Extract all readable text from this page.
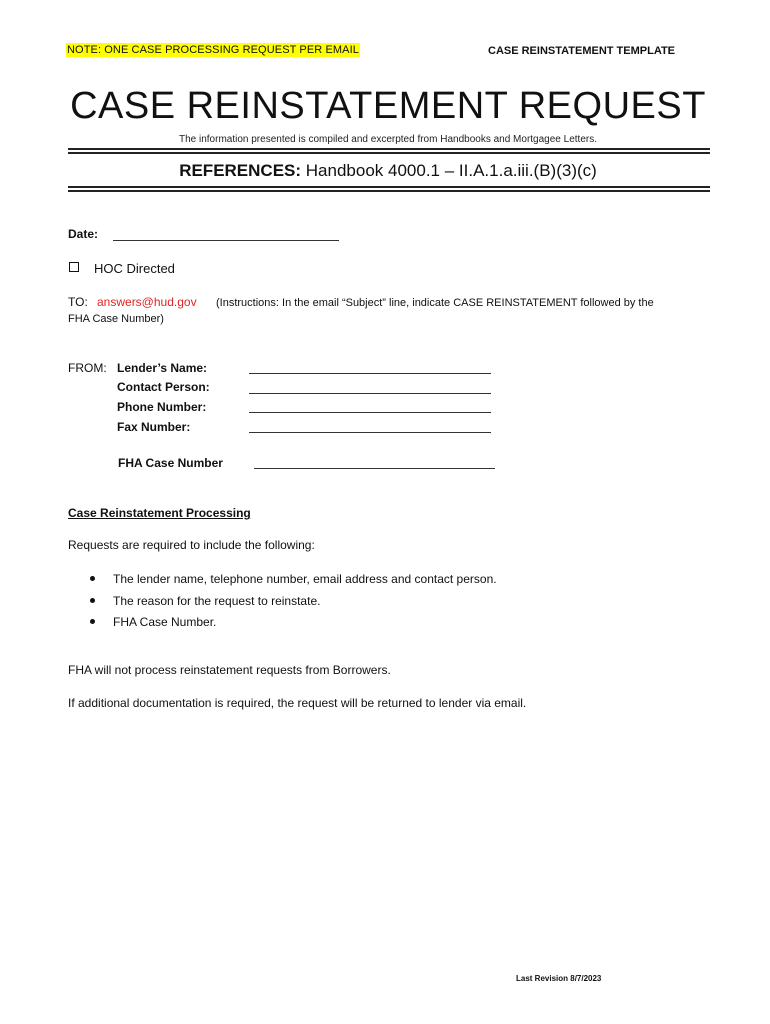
NOTE: ONE CASE PROCESSING REQUEST PER EMAIL	CASE REINSTATEMENT TEMPLATE
CASE REINSTATEMENT REQUEST
The information presented is compiled and excerpted from Handbooks and Mortgagee Letters.
REFERENCES: Handbook 4000.1 – II.A.1.a.iii.(B)(3)(c)
Date:
HOC Directed
TO: answers@hud.gov (Instructions: In the email “Subject” line, indicate CASE REINSTATEMENT followed by the
FHA Case Number)
FROM: Lender’s Name:
Contact Person:
Phone Number:
Fax Number:
FHA Case Number
Case Reinstatement Processing
Requests are required to include the following:
The lender name, telephone number, email address and contact person.
The reason for the request to reinstate.
FHA Case Number.
FHA will not process reinstatement requests from Borrowers.
If additional documentation is required, the request will be returned to lender via email.
Last Revision 8/7/2023
